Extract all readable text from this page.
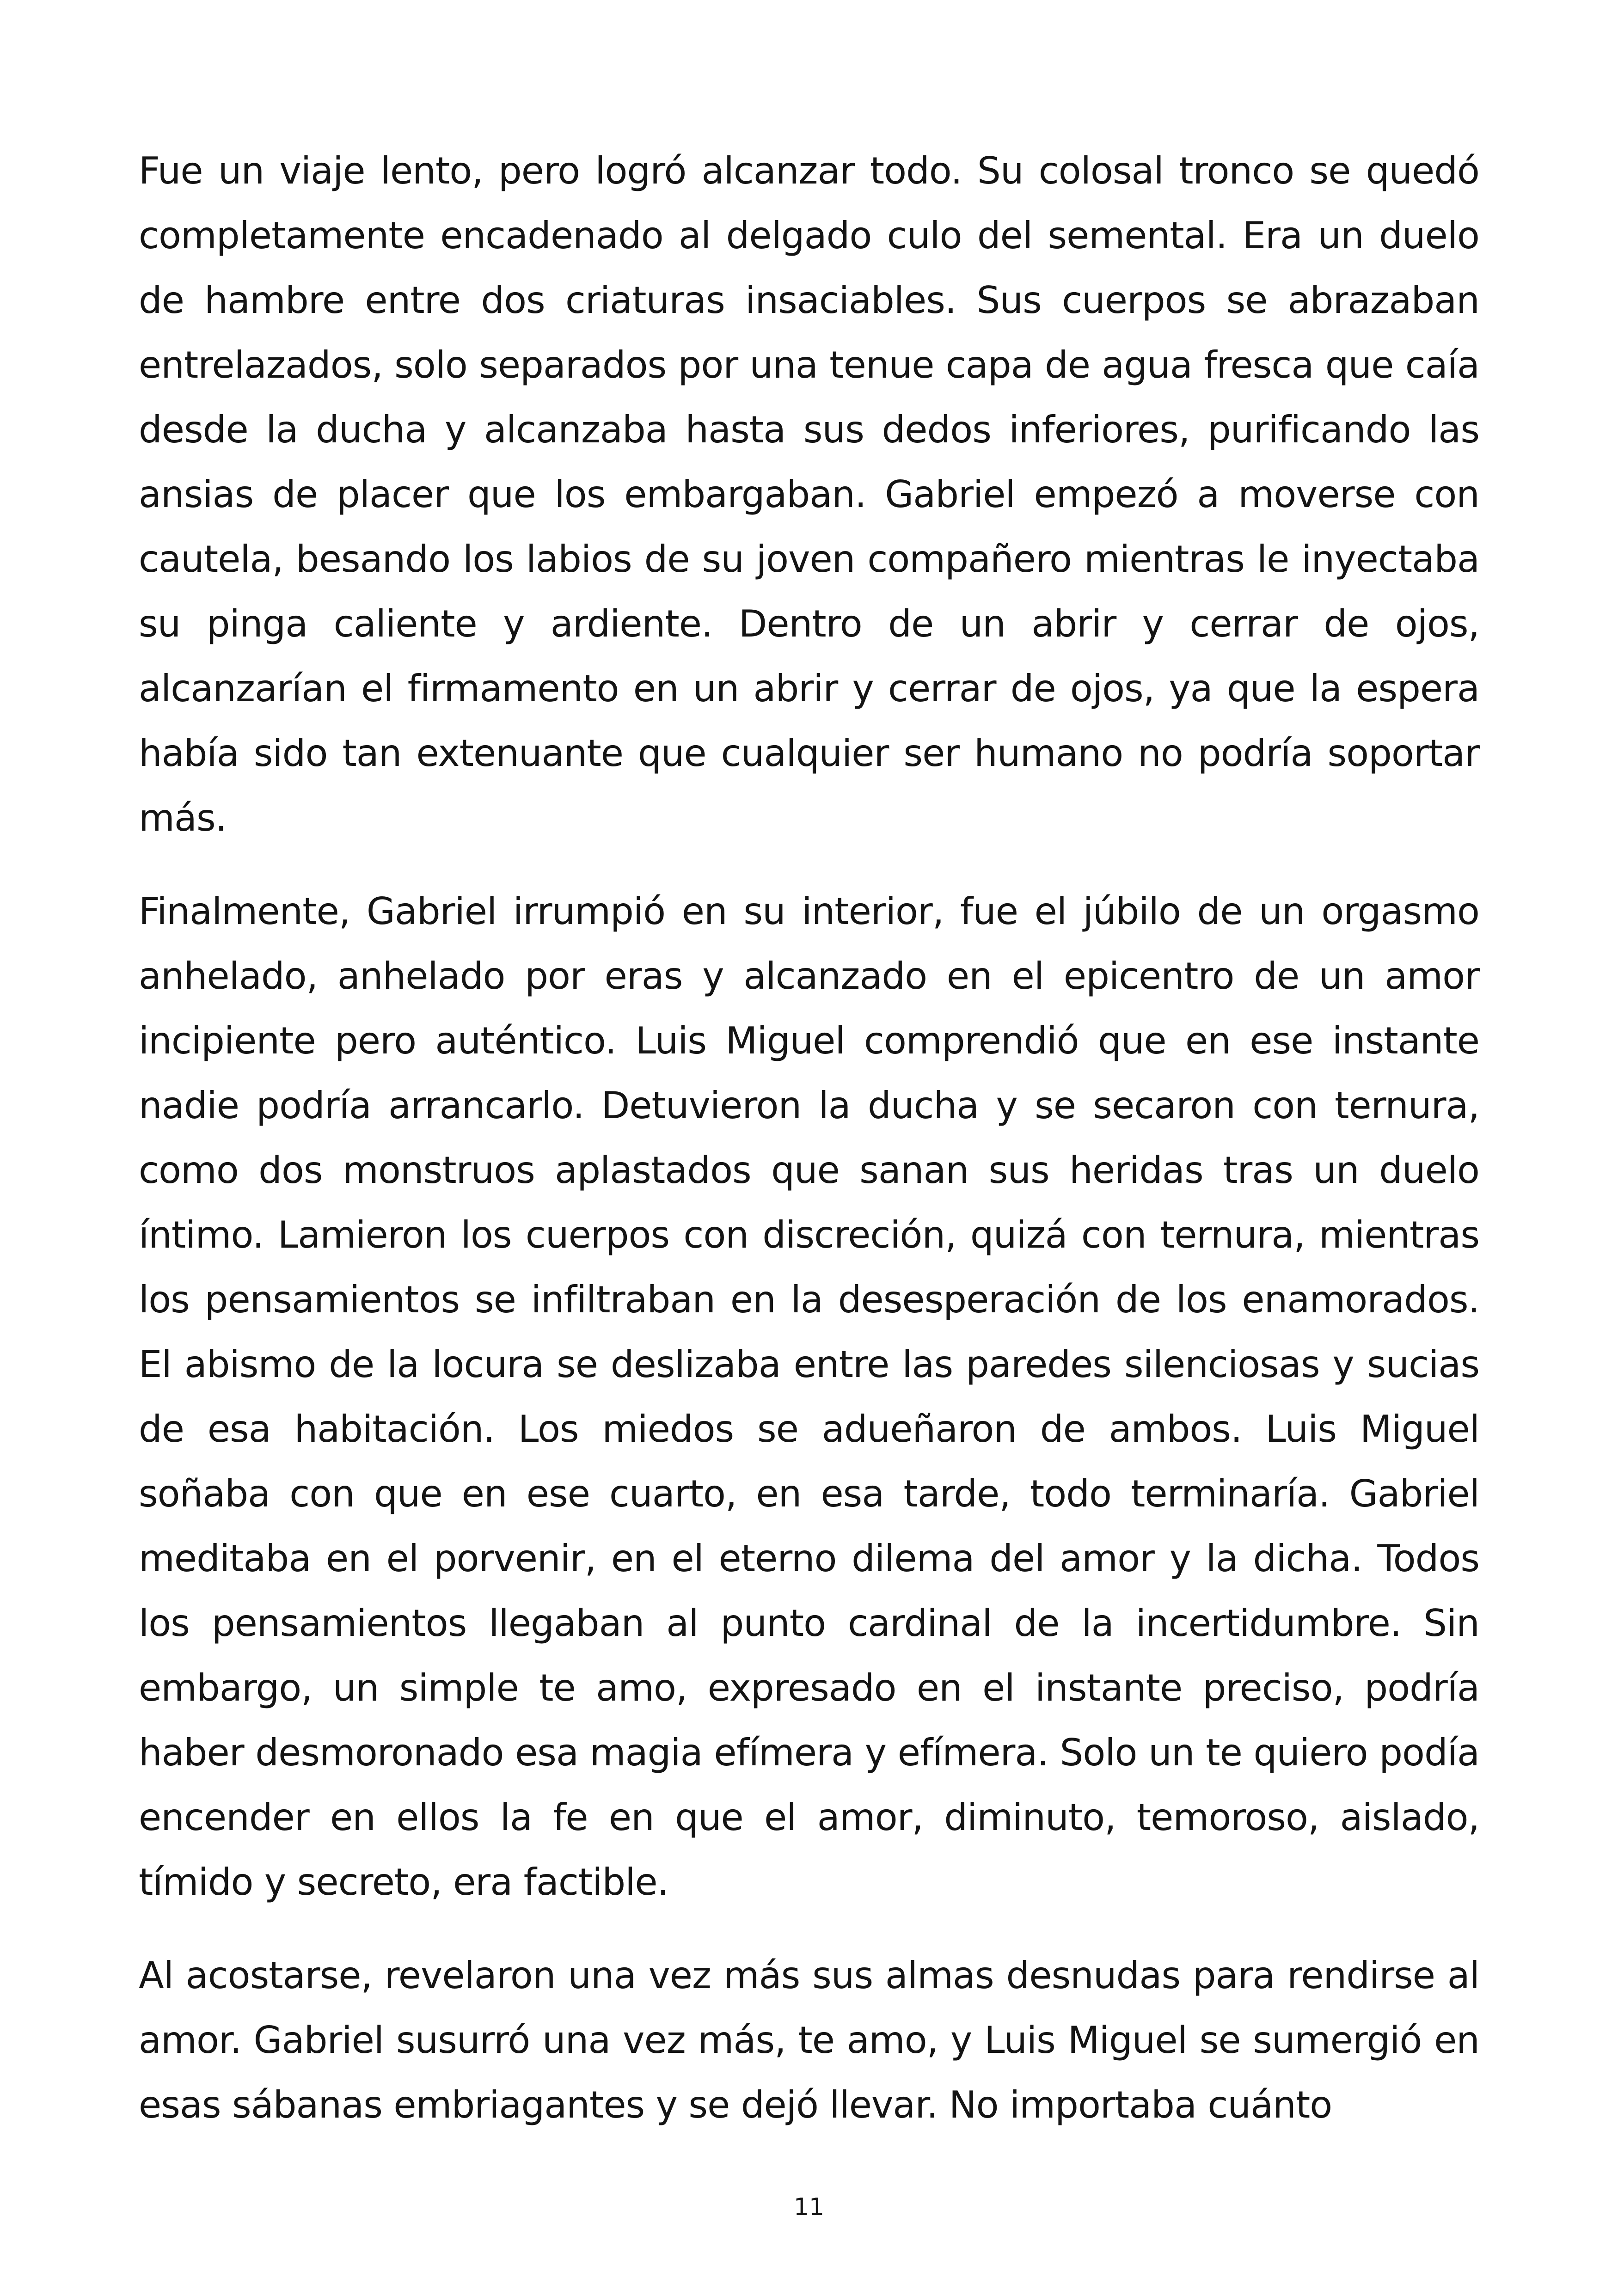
Fue un viaje lento, pero logró alcanzar todo. Su colosal tronco se quedó completamente encadenado al delgado culo del semental. Era un duelo de hambre entre dos criaturas insaciables. Sus cuerpos se abrazaban entrelazados, solo separados por una tenue capa de agua fresca que caía desde la ducha y alcanzaba hasta sus dedos inferiores, purificando las ansias de placer que los embargaban. Gabriel empezó a moverse con cautela, besando los labios de su joven compañero mientras le inyectaba su pinga caliente y ardiente. Dentro de un abrir y cerrar de ojos, alcanzarían el firmamento en un abrir y cerrar de ojos, ya que la espera había sido tan extenuante que cualquier ser humano no podría soportar más.

Finalmente, Gabriel irrumpió en su interior, fue el júbilo de un orgasmo anhelado, anhelado por eras y alcanzado en el epicentro de un amor incipiente pero auténtico. Luis Miguel comprendió que en ese instante nadie podría arrancarlo. Detuvieron la ducha y se secaron con ternura, como dos monstruos aplastados que sanan sus heridas tras un duelo íntimo. Lamieron los cuerpos con discreción, quizá con ternura, mientras los pensamientos se infiltraban en la desesperación de los enamorados. El abismo de la locura se deslizaba entre las paredes silenciosas y sucias de esa habitación. Los miedos se adueñaron de ambos. Luis Miguel soñaba con que en ese cuarto, en esa tarde, todo terminaría. Gabriel meditaba en el porvenir, en el eterno dilema del amor y la dicha. Todos los pensamientos llegaban al punto cardinal de la incertidumbre. Sin embargo, un simple te amo, expresado en el instante preciso, podría haber desmoronado esa magia efímera y efímera. Solo un te quiero podía encender en ellos la fe en que el amor, diminuto, temoroso, aislado, tímido y secreto, era factible.

Al acostarse, revelaron una vez más sus almas desnudas para rendirse al amor. Gabriel susurró una vez más, te amo, y Luis Miguel se sumergió en esas sábanas embriagantes y se dejó llevar. No importaba cuánto

11
